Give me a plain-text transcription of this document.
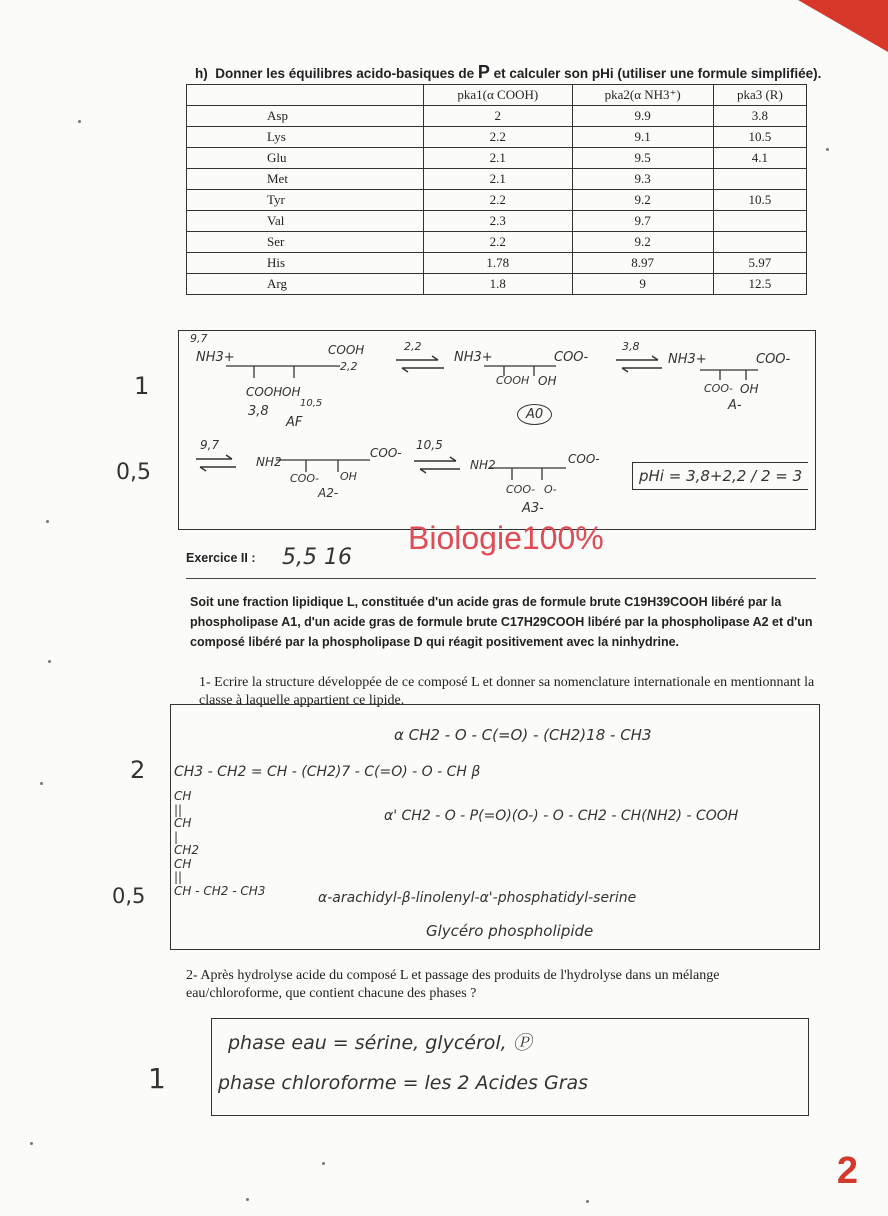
h) Donner les équilibres acido-basiques de P et calculer son pHi (utiliser une formule simplifiée).
	pka1(α COOH)	pka2(α NH3⁺)	pka3 (R)
Asp	2	9.9	3.8
Lys	2.2	9.1	10.5
Glu	2.1	9.5	4.1
Met	2.1	9.3	
Tyr	2.2	9.2	10.5
Val	2.3	9.7	
Ser	2.2	9.2	
His	1.78	8.97	5.97
Arg	1.8	9	12.5
1
0,5
9,7
NH3+	COOH
2,2
COOH OH
3,8
10,5
AF
2,2
⇌ NH3+	COO-
COOH OH
A0
3,8
⇌ NH3+	COO-
COO- OH
A-
9,7
⇌ NH2
COO-
10,5
COO- OH
A2-
NH2	COO-
COO- O-
A3-
pHi = 3,8+2,2 / 2 = 3
Biologie100%
Exercice II : 5,5 16
Soit une fraction lipidique L, constituée d'un acide gras de formule brute C19H39COOH libéré par la phospholipase A1, d'un acide gras de formule brute C17H29COOH libéré par la phospholipase A2 et d'un composé libéré par la phospholipase D qui réagit positivement avec la ninhydrine.
1- Ecrire la structure développée de ce composé L et donner sa nomenclature internationale en mentionnant la classe à laquelle appartient ce lipide.
2
0,5
α CH2 - O - C(=O) - (CH2)18 - CH3
CH3 - CH2 = CH - (CH2)7 - C(=O) - O - CH β
CH
||
CH
|
CH2
CH
||
CH - CH2 - CH3
α' CH2 - O - P(=O)(O-) - O - CH2 - CH(NH2) - COOH
α-arachidyl-β-linolenyl-α'-phosphatidyl-serine
Glycéro phospholipide
2- Après hydrolyse acide du composé L et passage des produits de l'hydrolyse dans un mélange eau/chloroforme, que contient chacune des phases ?
1
phase eau = sérine, glycérol, Ⓟ
phase chloroforme = les 2 Acides Gras
2
